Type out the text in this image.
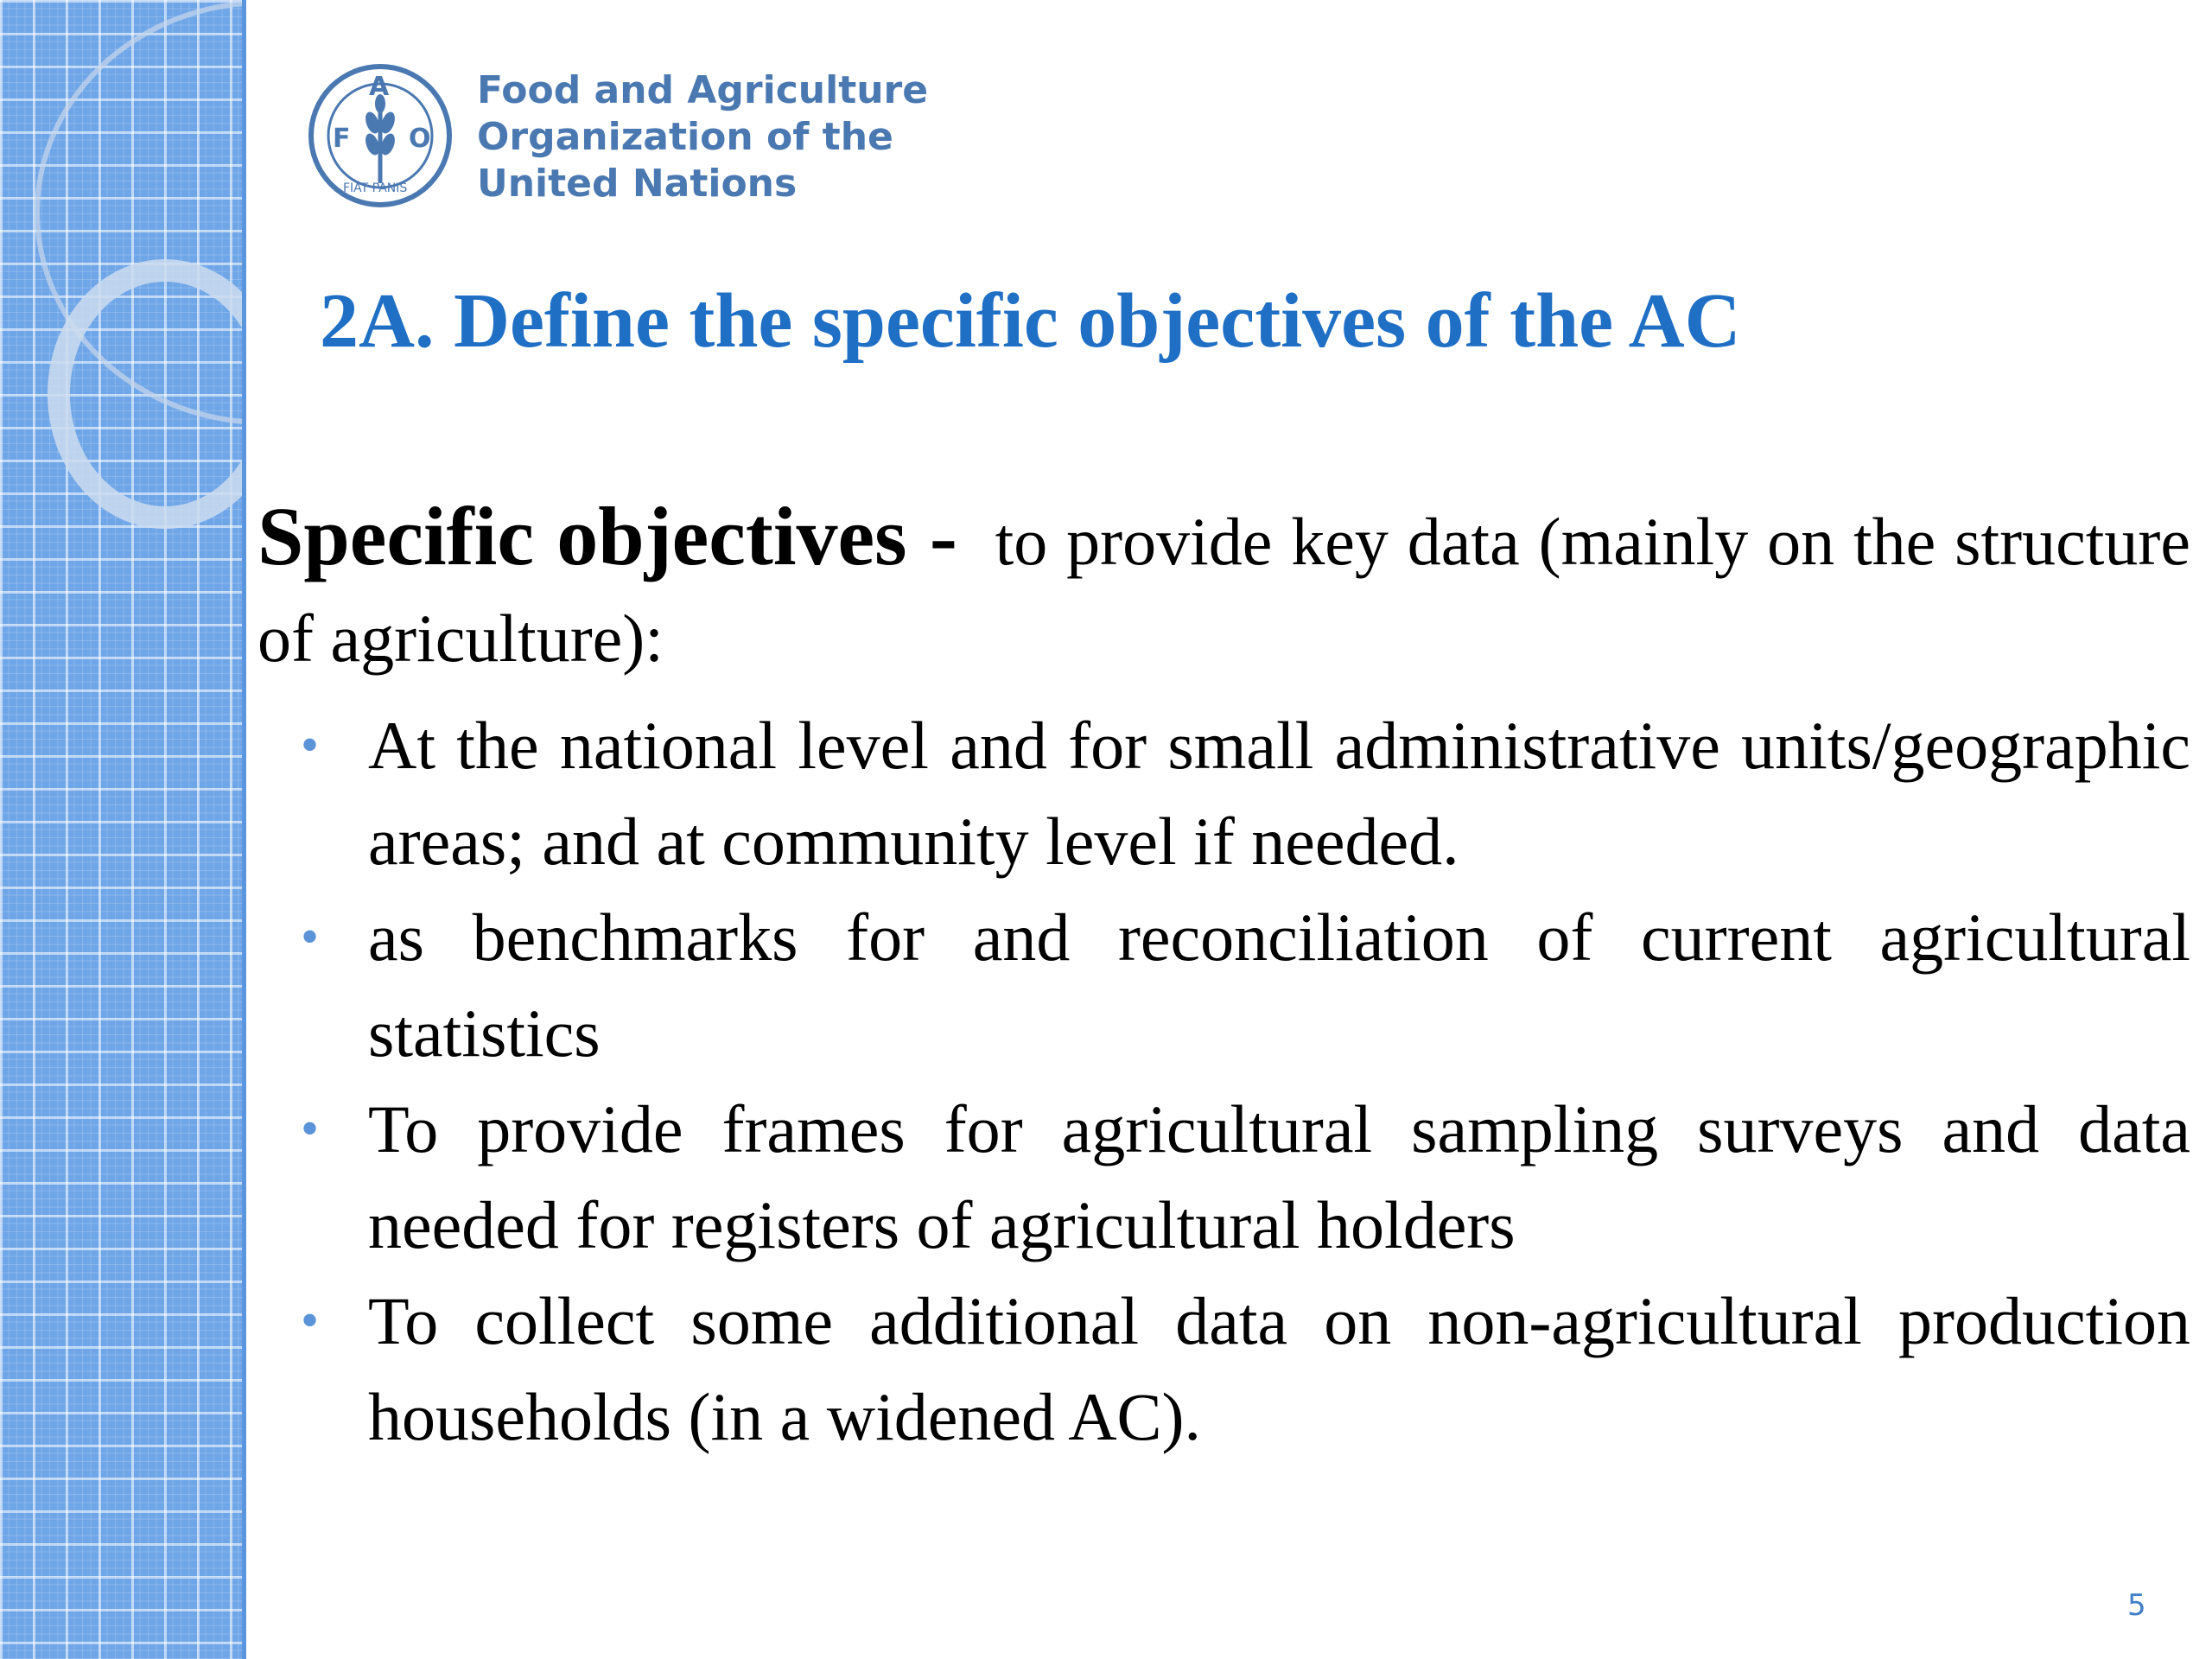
F
A
O
FIAT PANIS
Food and Agriculture
Organization of the
United Nations
2A. Define the specific objectives of the AC

Specific objectives - to provide key data (mainly on the structure of agriculture):

• At the national level and for small administrative units/geographic areas; and at community level if needed.
• as benchmarks for and reconciliation of current agricultural statistics
• To provide frames for agricultural sampling surveys and data needed for registers of agricultural holders
• To collect some additional data on non-agricultural production households (in a widened AC).
5
